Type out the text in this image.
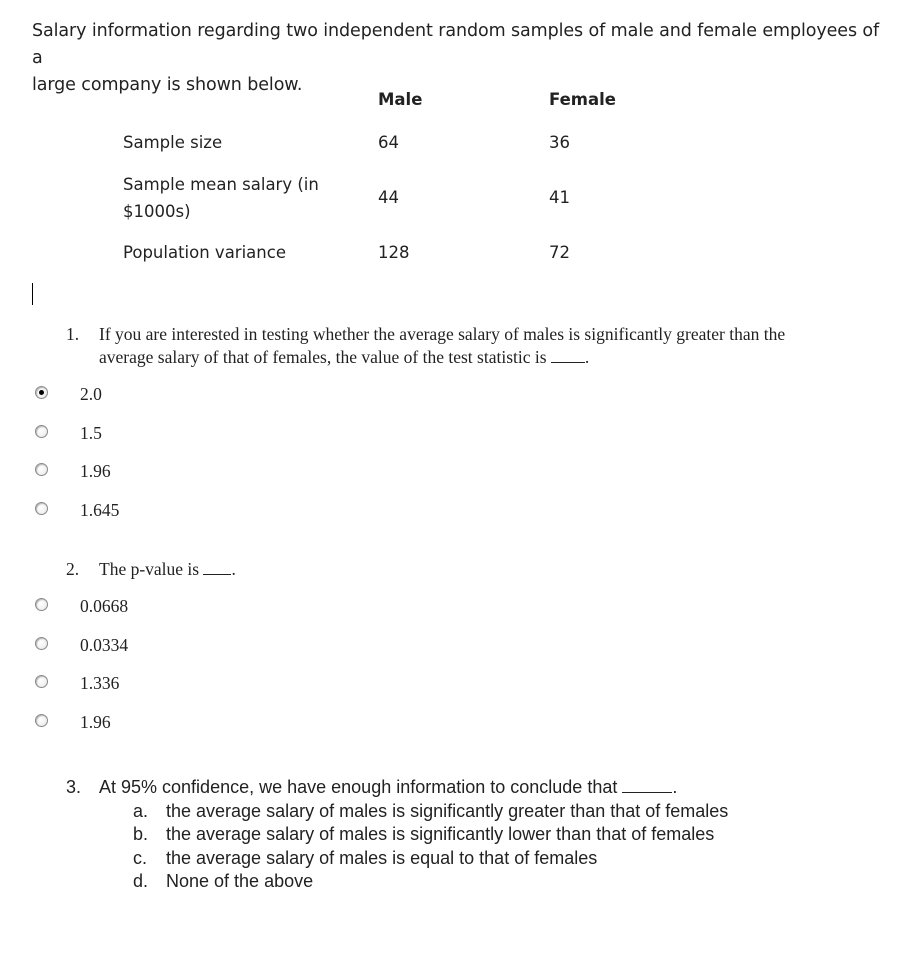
Salary information regarding two independent random samples of male and female employees of a
large company is shown below.
Male	Female
Sample size	64	36
Sample mean salary (in
$1000s)
44	41
Population variance	128	72
1. If you are interested in testing whether the average salary of males is significantly greater than the
average salary of that of females, the value of the test statistic is .
2.0
1.5
1.96
1.645
2. The p-value is .
0.0668
0.0334
1.336
1.96
3. At 95% confidence, we have enough information to conclude that	.
a. the average salary of males is significantly greater than that of females
b. the average salary of males is significantly lower than that of females
c. the average salary of males is equal to that of females
d. None of the above
